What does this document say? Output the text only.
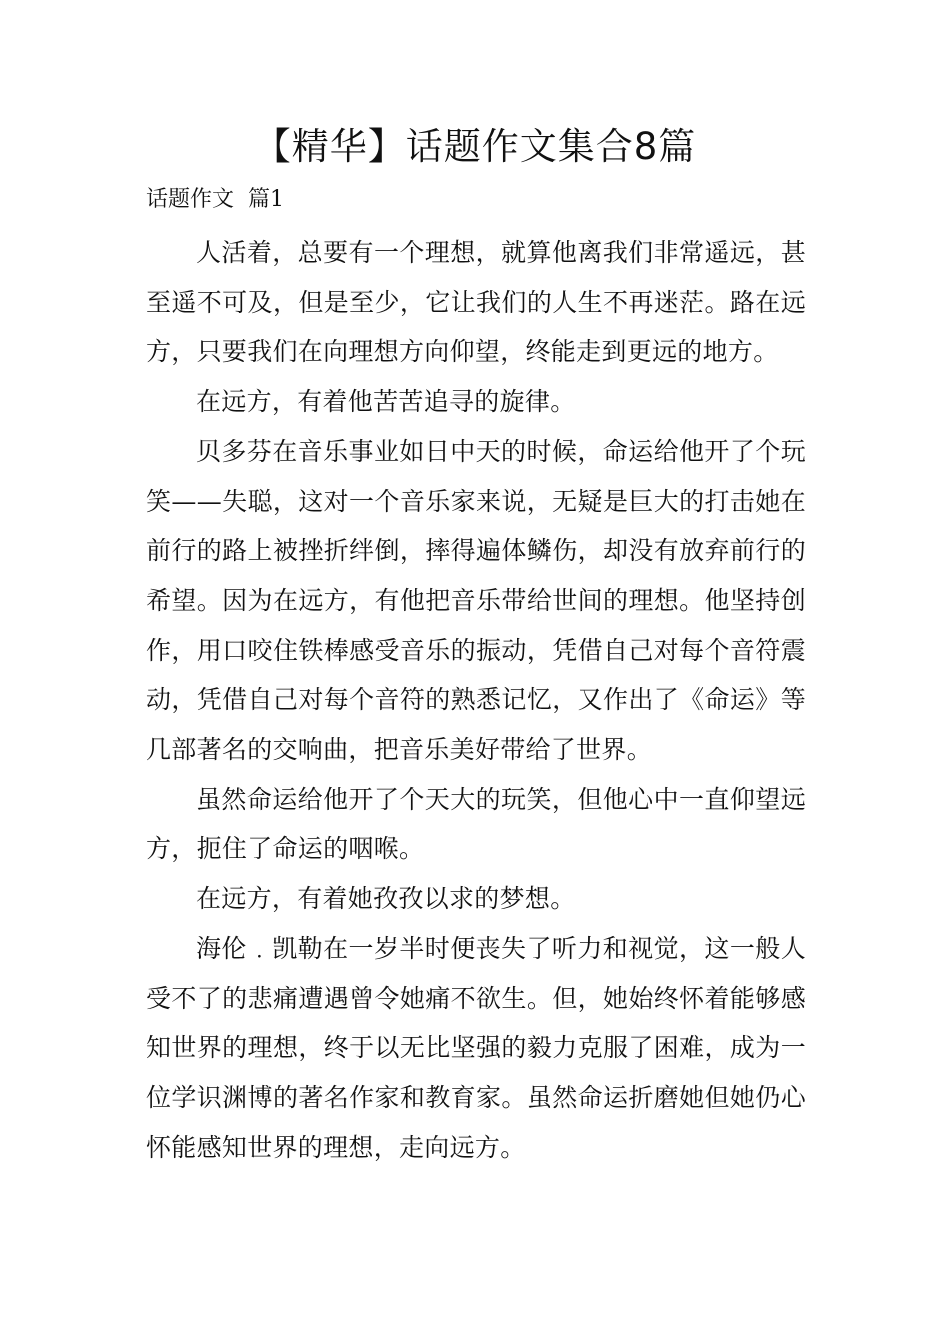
【精华】话题作文集合8篇

话题作文  篇1

人活着，总要有一个理想，就算他离我们非常遥远，甚至遥不可及，但是至少，它让我们的人生不再迷茫。路在远方，只要我们在向理想方向仰望，终能走到更远的地方。

在远方，有着他苦苦追寻的旋律。

贝多芬在音乐事业如日中天的时候，命运给他开了个玩笑——失聪，这对一个音乐家来说，无疑是巨大的打击她在前行的路上被挫折绊倒，摔得遍体鳞伤，却没有放弃前行的希望。因为在远方，有他把音乐带给世间的理想。他坚持创作，用口咬住铁棒感受音乐的振动，凭借自己对每个音符震动，凭借自己对每个音符的熟悉记忆，又作出了《命运》等几部著名的交响曲，把音乐美好带给了世界。

虽然命运给他开了个天大的玩笑，但他心中一直仰望远方，扼住了命运的咽喉。

在远方，有着她孜孜以求的梦想。

海伦﹒凯勒在一岁半时便丧失了听力和视觉，这一般人受不了的悲痛遭遇曾令她痛不欲生。但，她始终怀着能够感知世界的理想，终于以无比坚强的毅力克服了困难，成为一位学识渊博的著名作家和教育家。虽然命运折磨她但她仍心怀能感知世界的理想，走向远方。
